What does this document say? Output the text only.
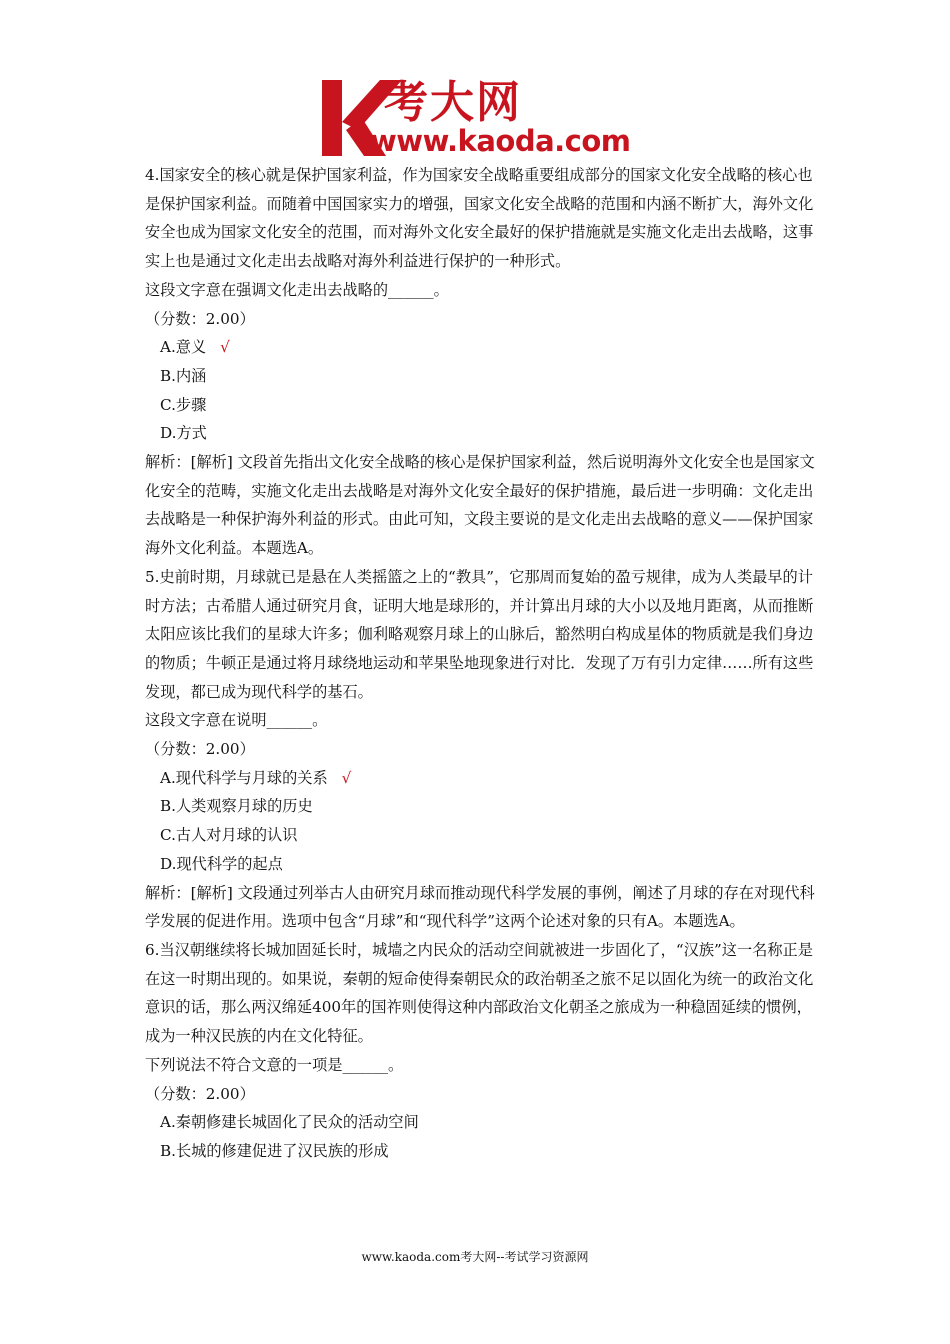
考大网
www.kaoda.com

4.国家安全的核心就是保护国家利益，作为国家安全战略重要组成部分的国家文化安全战略的核心也是保护国家利益。而随着中国国家实力的增强，国家文化安全战略的范围和内涵不断扩大，海外文化安全也成为国家文化安全的范围，而对海外文化安全最好的保护措施就是实施文化走出去战略，这事实上也是通过文化走出去战略对海外利益进行保护的一种形式。

这段文字意在强调文化走出去战略的______。

（分数：2.00）

A.意义 √

B.内涵

C.步骤

D.方式

解析：[解析] 文段首先指出文化安全战略的核心是保护国家利益，然后说明海外文化安全也是国家文化安全的范畴，实施文化走出去战略是对海外文化安全最好的保护措施，最后进一步明确：文化走出去战略是一种保护海外利益的形式。由此可知，文段主要说的是文化走出去战略的意义——保护国家海外文化利益。本题选A。

5.史前时期，月球就已是悬在人类摇篮之上的“教具”，它那周而复始的盈亏规律，成为人类最早的计时方法；古希腊人通过研究月食，证明大地是球形的，并计算出月球的大小以及地月距离，从而推断太阳应该比我们的星球大许多；伽利略观察月球上的山脉后，豁然明白构成星体的物质就是我们身边的物质；牛顿正是通过将月球绕地运动和苹果坠地现象进行对比．发现了万有引力定律……所有这些发现，都已成为现代科学的基石。

这段文字意在说明______。

（分数：2.00）

A.现代科学与月球的关系 √

B.人类观察月球的历史

C.古人对月球的认识

D.现代科学的起点

解析：[解析] 文段通过列举古人由研究月球而推动现代科学发展的事例，阐述了月球的存在对现代科学发展的促进作用。选项中包含“月球”和“现代科学”这两个论述对象的只有A。本题选A。

6.当汉朝继续将长城加固延长时，城墙之内民众的活动空间就被进一步固化了，“汉族”这一名称正是在这一时期出现的。如果说，秦朝的短命使得秦朝民众的政治朝圣之旅不足以固化为统一的政治文化意识的话，那么两汉绵延400年的国祚则使得这种内部政治文化朝圣之旅成为一种稳固延续的惯例，成为一种汉民族的内在文化特征。

下列说法不符合文意的一项是______。

（分数：2.00）

A.秦朝修建长城固化了民众的活动空间

B.长城的修建促进了汉民族的形成

www.kaoda.com考大网--考试学习资源网
